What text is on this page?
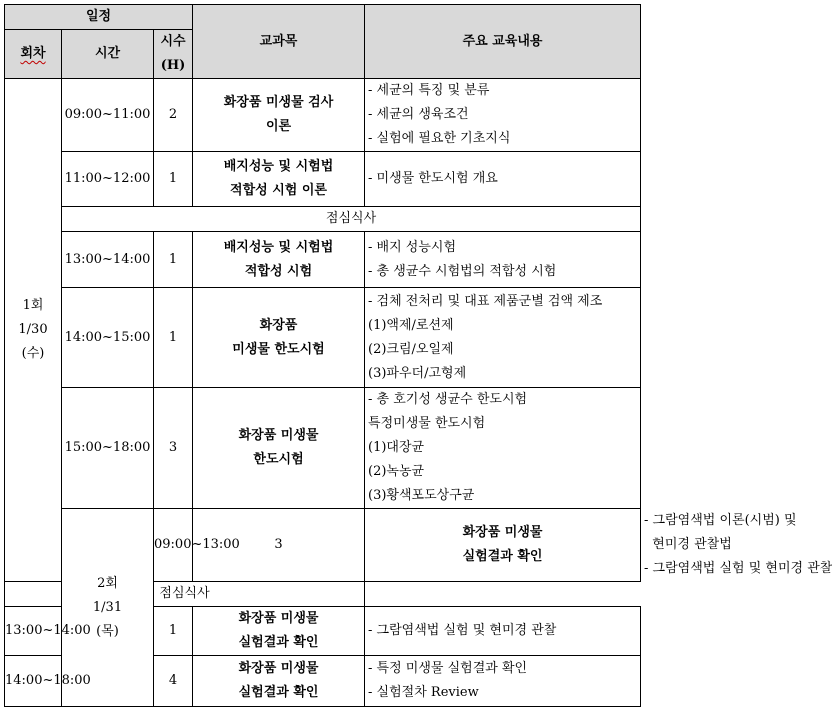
일정			교과목	주요 교육내용	
회차	시간	시수
(H)			

1회
1/30
(수)	09:00~11:00	2	화장품 미생물 검사
이론	- 세균의 특징 및 분류
- 세균의 생육조건
- 실험에 필요한 기초지식	

	11:00~12:00	1	배지성능 및 시험법
적합성 시험 이론	- 미생물 한도시험 개요	

	점심식사				
	13:00~14:00	1	배지성능 및 시험법
적합성 시험	- 배지 성능시험
- 총 생균수 시험법의 적합성 시험	

	14:00~15:00	1	화장품
미생물 한도시험	- 검체 전처리 및 대표 제품군별 검액 제조
(1)액제/로션제
(2)크림/오일제
(3)파우더/고형제	

	15:00~18:00	3	화장품 미생물
한도시험	- 총 호기성 생균수 한도시험
특정미생물 한도시험
(1)대장균
(2)녹농균
(3)황색포도상구균	

	2회
1/31
(목)	09:00~13:00	3	화장품 미생물
실험결과 확인	- 그람염색법 이론(시범) 및
현미경 관찰법
- 그람염색법 실험 및 현미경 관찰

점심식사					
13:00~14:00		1	화장품 미생물
실험결과 확인	- 그람염색법 실험 및 현미경 관찰	

14:00~18:00		4	화장품 미생물
실험결과 확인	- 특정 미생물 실험결과 확인
- 실험절차 Review	
